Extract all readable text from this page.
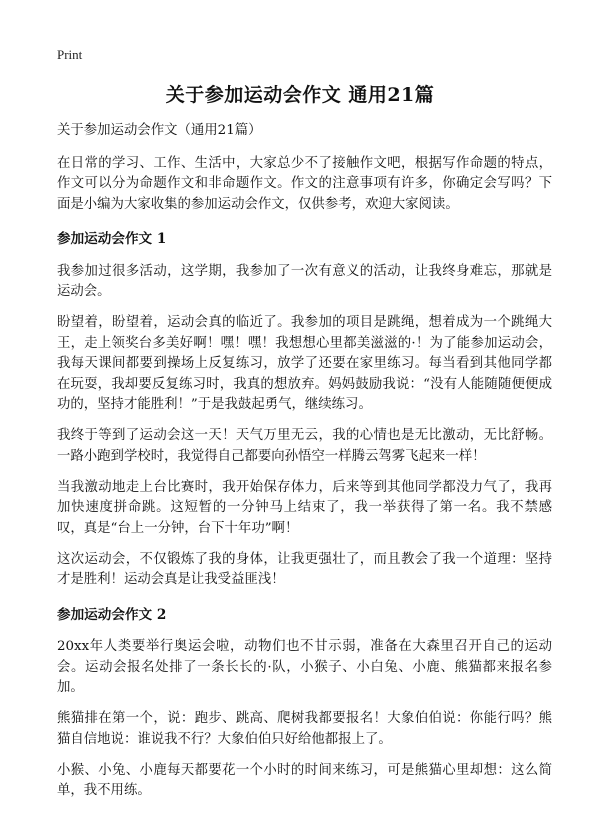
Print
关于参加运动会作文 通用21篇

关于参加运动会作文（通用21篇）

在日常的学习、工作、生活中，大家总少不了接触作文吧，根据写作命题的特点，作文可以分为命题作文和非命题作文。作文的注意事项有许多，你确定会写吗？下面是小编为大家收集的参加运动会作文，仅供参考，欢迎大家阅读。

参加运动会作文 1

我参加过很多活动，这学期，我参加了一次有意义的活动，让我终身难忘，那就是运动会。

盼望着，盼望着，运动会真的临近了。我参加的项目是跳绳，想着成为一个跳绳大王，走上领奖台多美好啊！嘿！嘿！我想想心里都美滋滋的·！为了能参加运动会，我每天课间都要到操场上反复练习，放学了还要在家里练习。每当看到其他同学都在玩耍，我却要反复练习时，我真的想放弃。妈妈鼓励我说：“没有人能随随便便成功的，坚持才能胜利！”于是我鼓起勇气，继续练习。

我终于等到了运动会这一天！天气万里无云，我的心情也是无比激动，无比舒畅。一路小跑到学校时，我觉得自己都要向孙悟空一样腾云驾雾飞起来一样！

当我激动地走上台比赛时，我开始保存体力，后来等到其他同学都没力气了，我再加快速度拼命跳。这短暂的一分钟马上结束了，我一举获得了第一名。我不禁感叹，真是“台上一分钟，台下十年功”啊！

这次运动会，不仅锻炼了我的身体，让我更强壮了，而且教会了我一个道理：坚持才是胜利！运动会真是让我受益匪浅！

参加运动会作文 2

20xx年人类要举行奥运会啦，动物们也不甘示弱，准备在大森里召开自己的运动会。运动会报名处排了一条长长的·队，小猴子、小白兔、小鹿、熊猫都来报名参加。

熊猫排在第一个，说：跑步、跳高、爬树我都要报名！大象伯伯说：你能行吗？熊猫自信地说：谁说我不行？大象伯伯只好给他都报上了。

小猴、小兔、小鹿每天都要花一个小时的时间来练习，可是熊猫心里却想：这么简单，我不用练。
